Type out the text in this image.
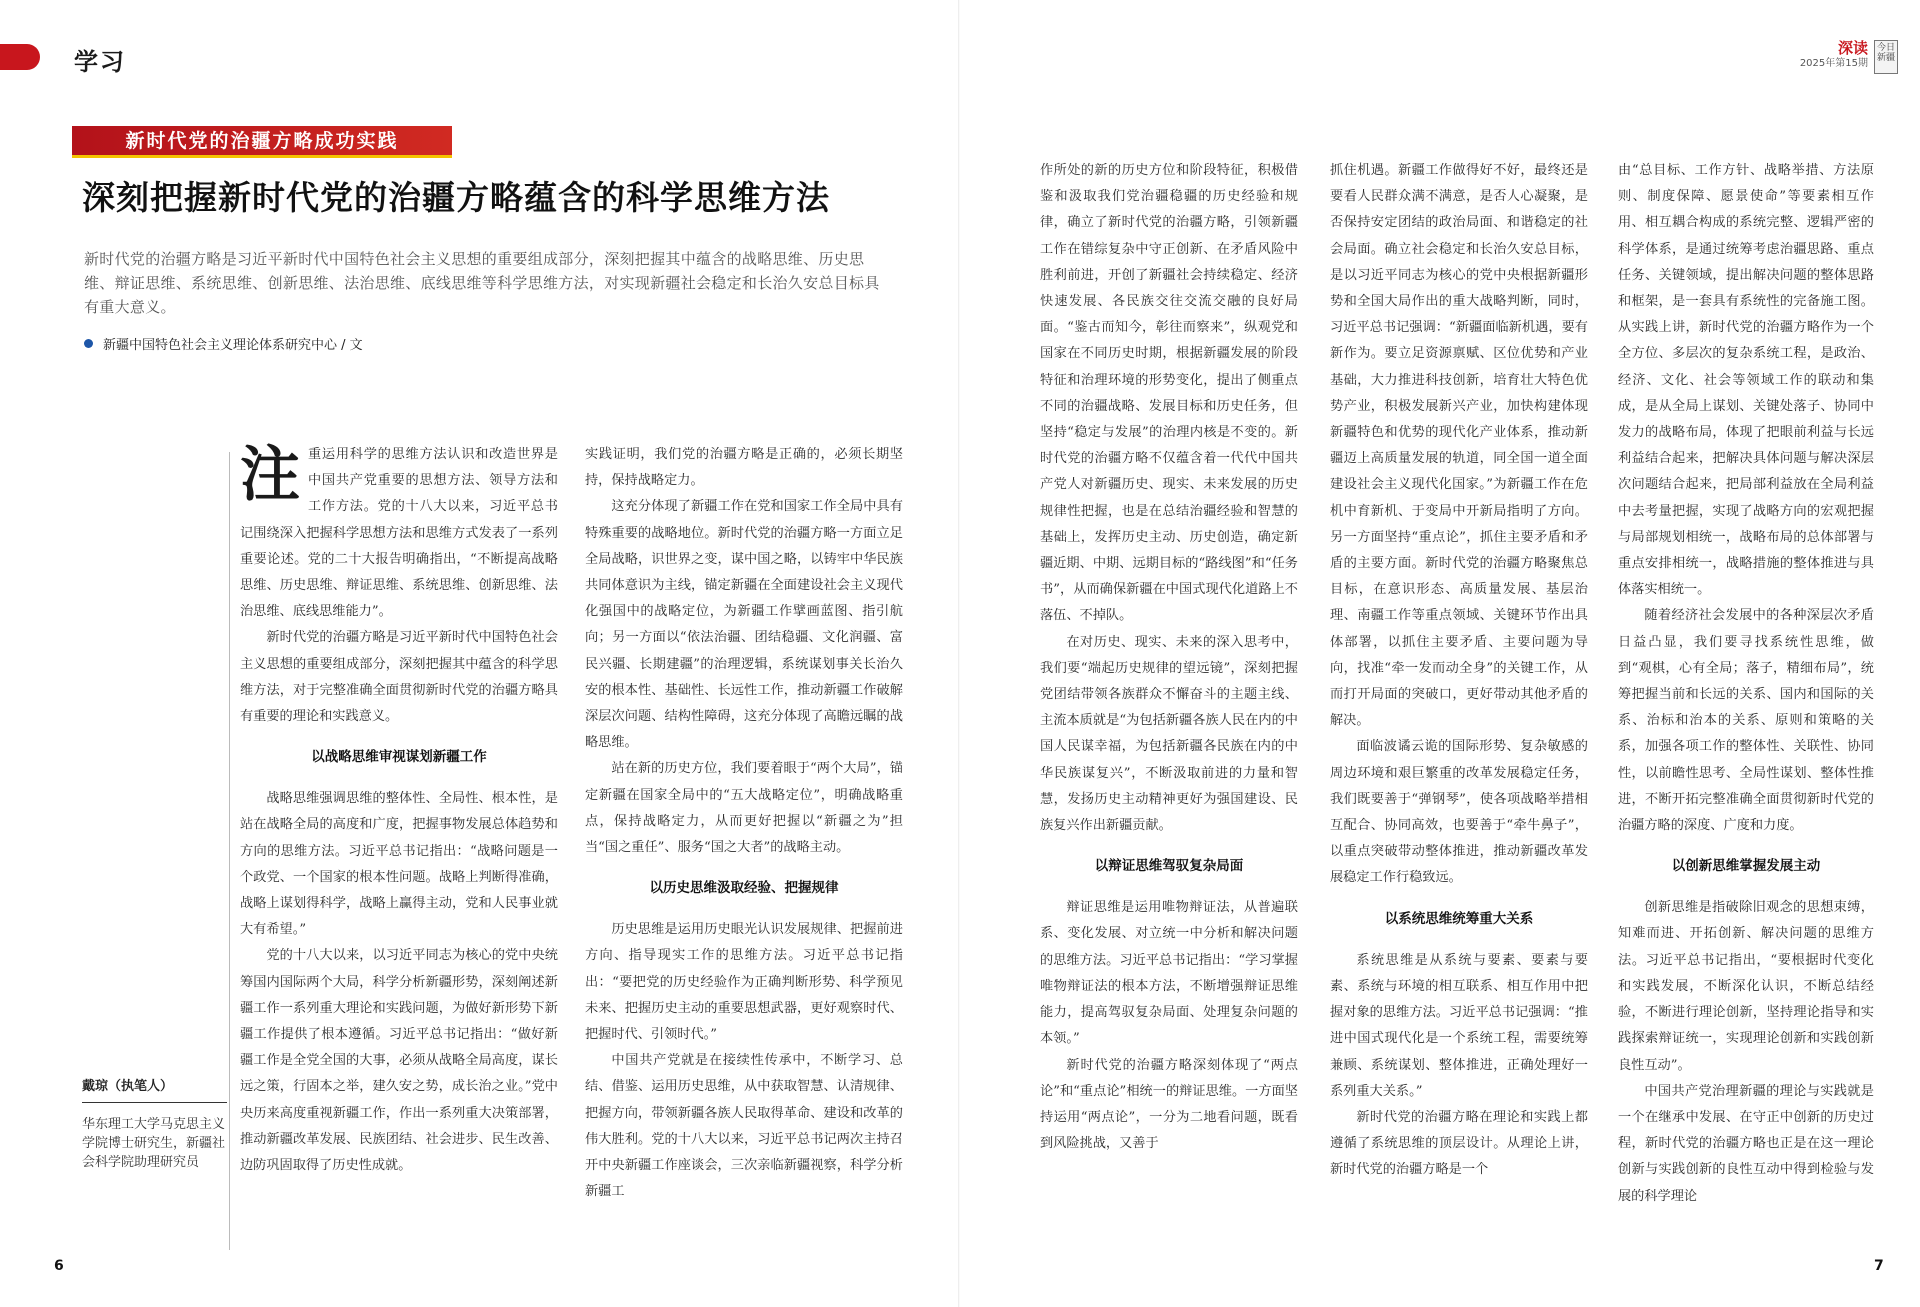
学习
新时代党的治疆方略成功实践
深刻把握新时代党的治疆方略蕴含的科学思维方法

新时代党的治疆方略是习近平新时代中国特色社会主义思想的重要组成部分，深刻把握其中蕴含的战略思维、历史思维、辩证思维、系统思维、创新思维、法治思维、底线思维等科学思维方法，对实现新疆社会稳定和长治久安总目标具有重大意义。

新疆中国特色社会主义理论体系研究中心 / 文
戴琼（执笔人）
华东理工大学马克思主义学院博士研究生，新疆社会科学院助理研究员

注重运用科学的思维方法认识和改造世界是中国共产党重要的思想方法、领导方法和工作方法。党的十八大以来，习近平总书记围绕深入把握科学思想方法和思维方式发表了一系列重要论述。党的二十大报告明确指出，“不断提高战略思维、历史思维、辩证思维、系统思维、创新思维、法治思维、底线思维能力”。

新时代党的治疆方略是习近平新时代中国特色社会主义思想的重要组成部分，深刻把握其中蕴含的科学思维方法，对于完整准确全面贯彻新时代党的治疆方略具有重要的理论和实践意义。

以战略思维审视谋划新疆工作

战略思维强调思维的整体性、全局性、根本性，是站在战略全局的高度和广度，把握事物发展总体趋势和方向的思维方法。习近平总书记指出：“战略问题是一个政党、一个国家的根本性问题。战略上判断得准确，战略上谋划得科学，战略上赢得主动，党和人民事业就大有希望。”

党的十八大以来，以习近平同志为核心的党中央统筹国内国际两个大局，科学分析新疆形势，深刻阐述新疆工作一系列重大理论和实践问题，为做好新形势下新疆工作提供了根本遵循。习近平总书记指出：“做好新疆工作是全党全国的大事，必须从战略全局高度，谋长远之策，行固本之举，建久安之势，成长治之业。”党中央历来高度重视新疆工作，作出一系列重大决策部署，推动新疆改革发展、民族团结、社会进步、民生改善、边防巩固取得了历史性成就。

实践证明，我们党的治疆方略是正确的，必须长期坚持，保持战略定力。

这充分体现了新疆工作在党和国家工作全局中具有特殊重要的战略地位。新时代党的治疆方略一方面立足全局战略，识世界之变，谋中国之略，以铸牢中华民族共同体意识为主线，锚定新疆在全面建设社会主义现代化强国中的战略定位，为新疆工作擘画蓝图、指引航向；另一方面以“依法治疆、团结稳疆、文化润疆、富民兴疆、长期建疆”的治理逻辑，系统谋划事关长治久安的根本性、基础性、长远性工作，推动新疆工作破解深层次问题、结构性障碍，这充分体现了高瞻远瞩的战略思维。

站在新的历史方位，我们要着眼于“两个大局”，锚定新疆在国家全局中的“五大战略定位”，明确战略重点，保持战略定力，从而更好把握以“新疆之为”担当“国之重任”、服务“国之大者”的战略主动。

以历史思维汲取经验、把握规律

历史思维是运用历史眼光认识发展规律、把握前进方向、指导现实工作的思维方法。习近平总书记指出：“要把党的历史经验作为正确判断形势、科学预见未来、把握历史主动的重要思想武器，更好观察时代、把握时代、引领时代。”

中国共产党就是在接续性传承中，不断学习、总结、借鉴、运用历史思维，从中获取智慧、认清规律、把握方向，带领新疆各族人民取得革命、建设和改革的伟大胜利。党的十八大以来，习近平总书记两次主持召开中央新疆工作座谈会，三次亲临新疆视察，科学分析新疆工

6
深读
2025年第15期
今日新疆
7

作所处的新的历史方位和阶段特征，积极借鉴和汲取我们党治疆稳疆的历史经验和规律，确立了新时代党的治疆方略，引领新疆工作在错综复杂中守正创新、在矛盾风险中胜利前进，开创了新疆社会持续稳定、经济快速发展、各民族交往交流交融的良好局面。“鉴古而知今，彰往而察来”，纵观党和国家在不同历史时期，根据新疆发展的阶段特征和治理环境的形势变化，提出了侧重点不同的治疆战略、发展目标和历史任务，但坚持“稳定与发展”的治理内核是不变的。新时代党的治疆方略不仅蕴含着一代代中国共产党人对新疆历史、现实、未来发展的历史规律性把握，也是在总结治疆经验和智慧的基础上，发挥历史主动、历史创造，确定新疆近期、中期、远期目标的“路线图”和“任务书”，从而确保新疆在中国式现代化道路上不落伍、不掉队。

在对历史、现实、未来的深入思考中，我们要“端起历史规律的望远镜”，深刻把握党团结带领各族群众不懈奋斗的主题主线、主流本质就是“为包括新疆各族人民在内的中国人民谋幸福，为包括新疆各民族在内的中华民族谋复兴”，不断汲取前进的力量和智慧，发扬历史主动精神更好为强国建设、民族复兴作出新疆贡献。

以辩证思维驾驭复杂局面

辩证思维是运用唯物辩证法，从普遍联系、变化发展、对立统一中分析和解决问题的思维方法。习近平总书记指出：“学习掌握唯物辩证法的根本方法，不断增强辩证思维能力，提高驾驭复杂局面、处理复杂问题的本领。”

新时代党的治疆方略深刻体现了“两点论”和“重点论”相统一的辩证思维。一方面坚持运用“两点论”，一分为二地看问题，既看到风险挑战，又善于

抓住机遇。新疆工作做得好不好，最终还是要看人民群众满不满意，是否人心凝聚，是否保持安定团结的政治局面、和谐稳定的社会局面。确立社会稳定和长治久安总目标，是以习近平同志为核心的党中央根据新疆形势和全国大局作出的重大战略判断，同时，习近平总书记强调：“新疆面临新机遇，要有新作为。要立足资源禀赋、区位优势和产业基础，大力推进科技创新，培育壮大特色优势产业，积极发展新兴产业，加快构建体现新疆特色和优势的现代化产业体系，推动新疆迈上高质量发展的轨道，同全国一道全面建设社会主义现代化国家。”为新疆工作在危机中育新机、于变局中开新局指明了方向。另一方面坚持“重点论”，抓住主要矛盾和矛盾的主要方面。新时代党的治疆方略聚焦总目标，在意识形态、高质量发展、基层治理、南疆工作等重点领域、关键环节作出具体部署，以抓住主要矛盾、主要问题为导向，找准“牵一发而动全身”的关键工作，从而打开局面的突破口，更好带动其他矛盾的解决。

面临波谲云诡的国际形势、复杂敏感的周边环境和艰巨繁重的改革发展稳定任务，我们既要善于“弹钢琴”，使各项战略举措相互配合、协同高效，也要善于“牵牛鼻子”，以重点突破带动整体推进，推动新疆改革发展稳定工作行稳致远。

以系统思维统筹重大关系

系统思维是从系统与要素、要素与要素、系统与环境的相互联系、相互作用中把握对象的思维方法。习近平总书记强调：“推进中国式现代化是一个系统工程，需要统筹兼顾、系统谋划、整体推进，正确处理好一系列重大关系。”

新时代党的治疆方略在理论和实践上都遵循了系统思维的顶层设计。从理论上讲，新时代党的治疆方略是一个

由“总目标、工作方针、战略举措、方法原则、制度保障、愿景使命”等要素相互作用、相互耦合构成的系统完整、逻辑严密的科学体系，是通过统筹考虑治疆思路、重点任务、关键领域，提出解决问题的整体思路和框架，是一套具有系统性的完备施工图。从实践上讲，新时代党的治疆方略作为一个全方位、多层次的复杂系统工程，是政治、经济、文化、社会等领域工作的联动和集成，是从全局上谋划、关键处落子、协同中发力的战略布局，体现了把眼前利益与长远利益结合起来，把解决具体问题与解决深层次问题结合起来，把局部利益放在全局利益中去考量把握，实现了战略方向的宏观把握与局部规划相统一，战略布局的总体部署与重点安排相统一，战略措施的整体推进与具体落实相统一。

随着经济社会发展中的各种深层次矛盾日益凸显，我们要寻找系统性思维，做到“观棋，心有全局；落子，精细布局”，统筹把握当前和长远的关系、国内和国际的关系、治标和治本的关系、原则和策略的关系，加强各项工作的整体性、关联性、协同性，以前瞻性思考、全局性谋划、整体性推进，不断开拓完整准确全面贯彻新时代党的治疆方略的深度、广度和力度。

以创新思维掌握发展主动

创新思维是指破除旧观念的思想束缚，知难而进、开拓创新、解决问题的思维方法。习近平总书记指出，“要根据时代变化和实践发展，不断深化认识，不断总结经验，不断进行理论创新，坚持理论指导和实践探索辩证统一，实现理论创新和实践创新良性互动”。

中国共产党治理新疆的理论与实践就是一个在继承中发展、在守正中创新的历史过程，新时代党的治疆方略也正是在这一理论创新与实践创新的良性互动中得到检验与发展的科学理论
